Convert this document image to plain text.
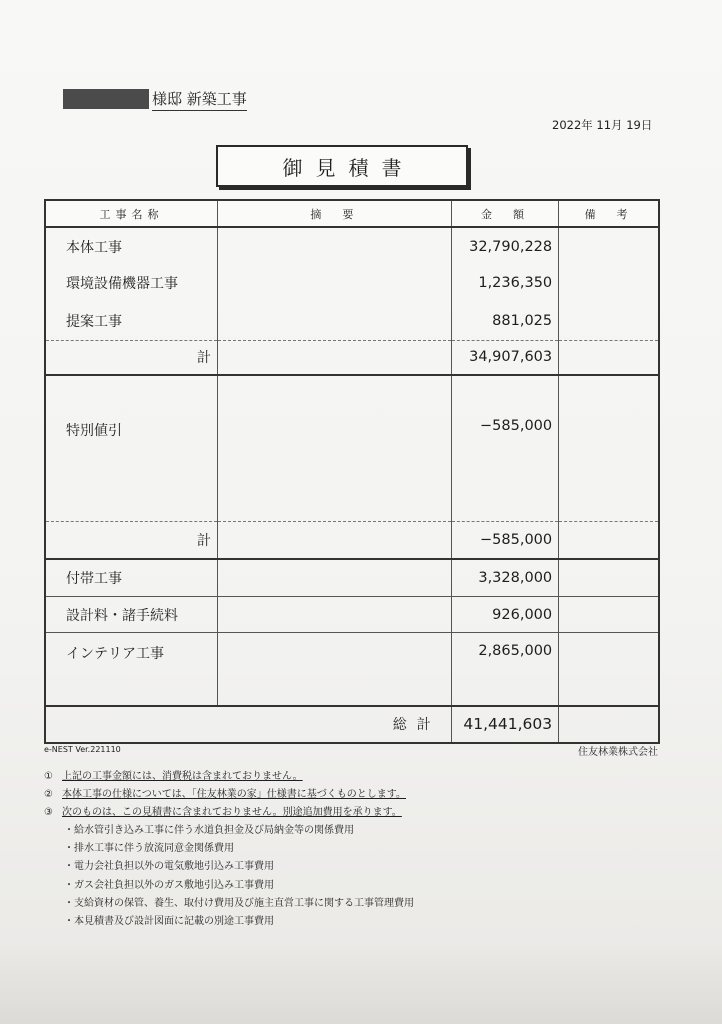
様邸 新築工事
2022年 11月 19日
御見積書
工事名称	摘　要	金　額	備　考
本体工事		32,790,228	
環境設備機器工事		1,236,350	
提案工事		881,025	
計		34,907,603	
特別値引		−585,000	
計		−585,000	
付帯工事		3,328,000	
設計料・諸手続料		926,000	
インテリア工事		2,865,000	
	総計	41,441,603	
e-NEST Ver.221110	住友林業株式会社
① 上記の工事金額には、消費税は含まれておりません。
② 本体工事の仕様については、「住友林業の家」仕様書に基づくものとします。
③ 次のものは、この見積書に含まれておりません。別途追加費用を承ります。
・給水管引き込み工事に伴う水道負担金及び局納金等の関係費用
・排水工事に伴う放流同意金関係費用
・電力会社負担以外の電気敷地引込み工事費用
・ガス会社負担以外のガス敷地引込み工事費用
・支給資材の保管、養生、取付け費用及び施主直営工事に関する工事管理費用
・本見積書及び設計図面に記載の別途工事費用
